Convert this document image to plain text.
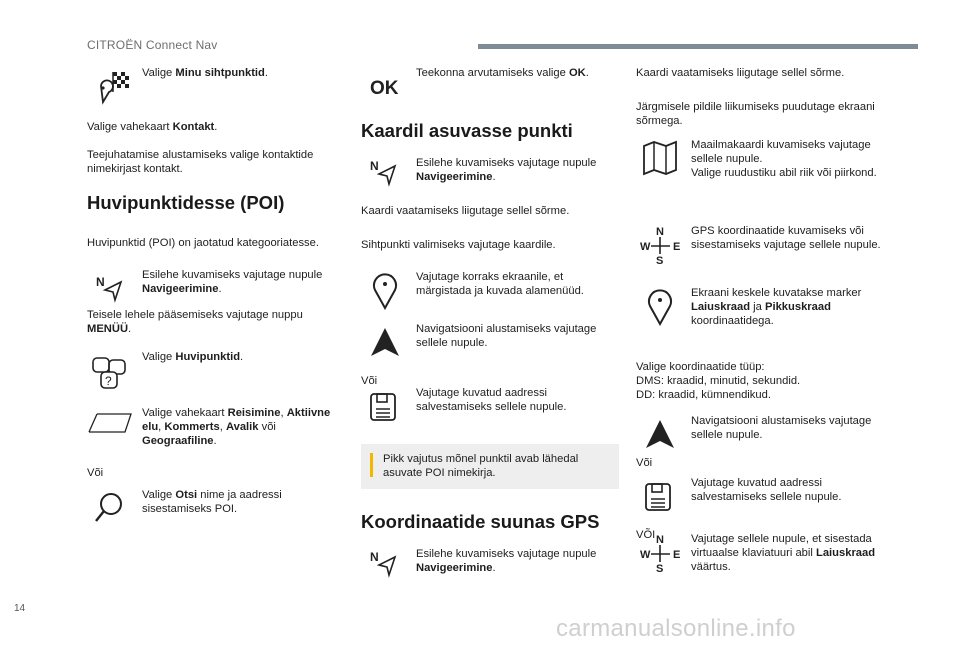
CITROËN Connect Nav
Valige Minu sihtpunktid.

Valige vahekaart Kontakt.

Teejuhatamise alustamiseks valige kontaktide nimekirjast kontakt.

Huvipunktidesse (POI)

Huvipunktid (POI) on jaotatud kategooriatesse.

N	Esilehe kuvamiseks vajutage nupule Navigeerimine.

Teisele lehele pääsemiseks vajutage nuppu MENÜÜ.

?
Valige Huvipunktid.
Valige vahekaart Reisimine, Aktiivne elu, Kommerts, Avalik või Geograafiline.

Või

Valige Otsi nime ja aadressi sisestamiseks POI.
OK
Teekonna arvutamiseks valige OK.
Kaardil asuvasse punkti
N	Esilehe kuvamiseks vajutage nupule Navigeerimine.

Kaardi vaatamiseks liigutage sellel sõrme.

Sihtpunkti valimiseks vajutage kaardile.

Vajutage korraks ekraanile, et märgistada ja kuvada alamenüüd.
Navigatsiooni alustamiseks vajutage sellele nupule.

Või

Vajutage kuvatud aadressi salvestamiseks sellele nupule.
Pikk vajutus mõnel punktil avab lähedal asuvate POI nimekirja.
Koordinaatide suunas GPS
N	Esilehe kuvamiseks vajutage nupule Navigeerimine.

Kaardi vaatamiseks liigutage sellel sõrme.

Järgmisele pildile liikumiseks puudutage ekraani sõrmega.

Maailmakaardi kuvamiseks vajutage sellele nupule.
Valige ruudustiku abil riik või piirkond.
N
S
W E
GPS koordinaatide kuvamiseks või sisestamiseks vajutage sellele nupule.
Ekraani keskele kuvatakse marker Laiuskraad ja Pikkuskraad koordinaatidega.

Valige koordinaatide tüüp:
DMS: kraadid, minutid, sekundid.
DD: kraadid, kümnendikud.

Navigatsiooni alustamiseks vajutage sellele nupule.

Või

Vajutage kuvatud aadressi salvestamiseks sellele nupule.

VÕI N
S
W E
Vajutage sellele nupule, et sisestada virtuaalse klaviatuuri abil Laiuskraad väärtus.
14
carmanualsonline.info
